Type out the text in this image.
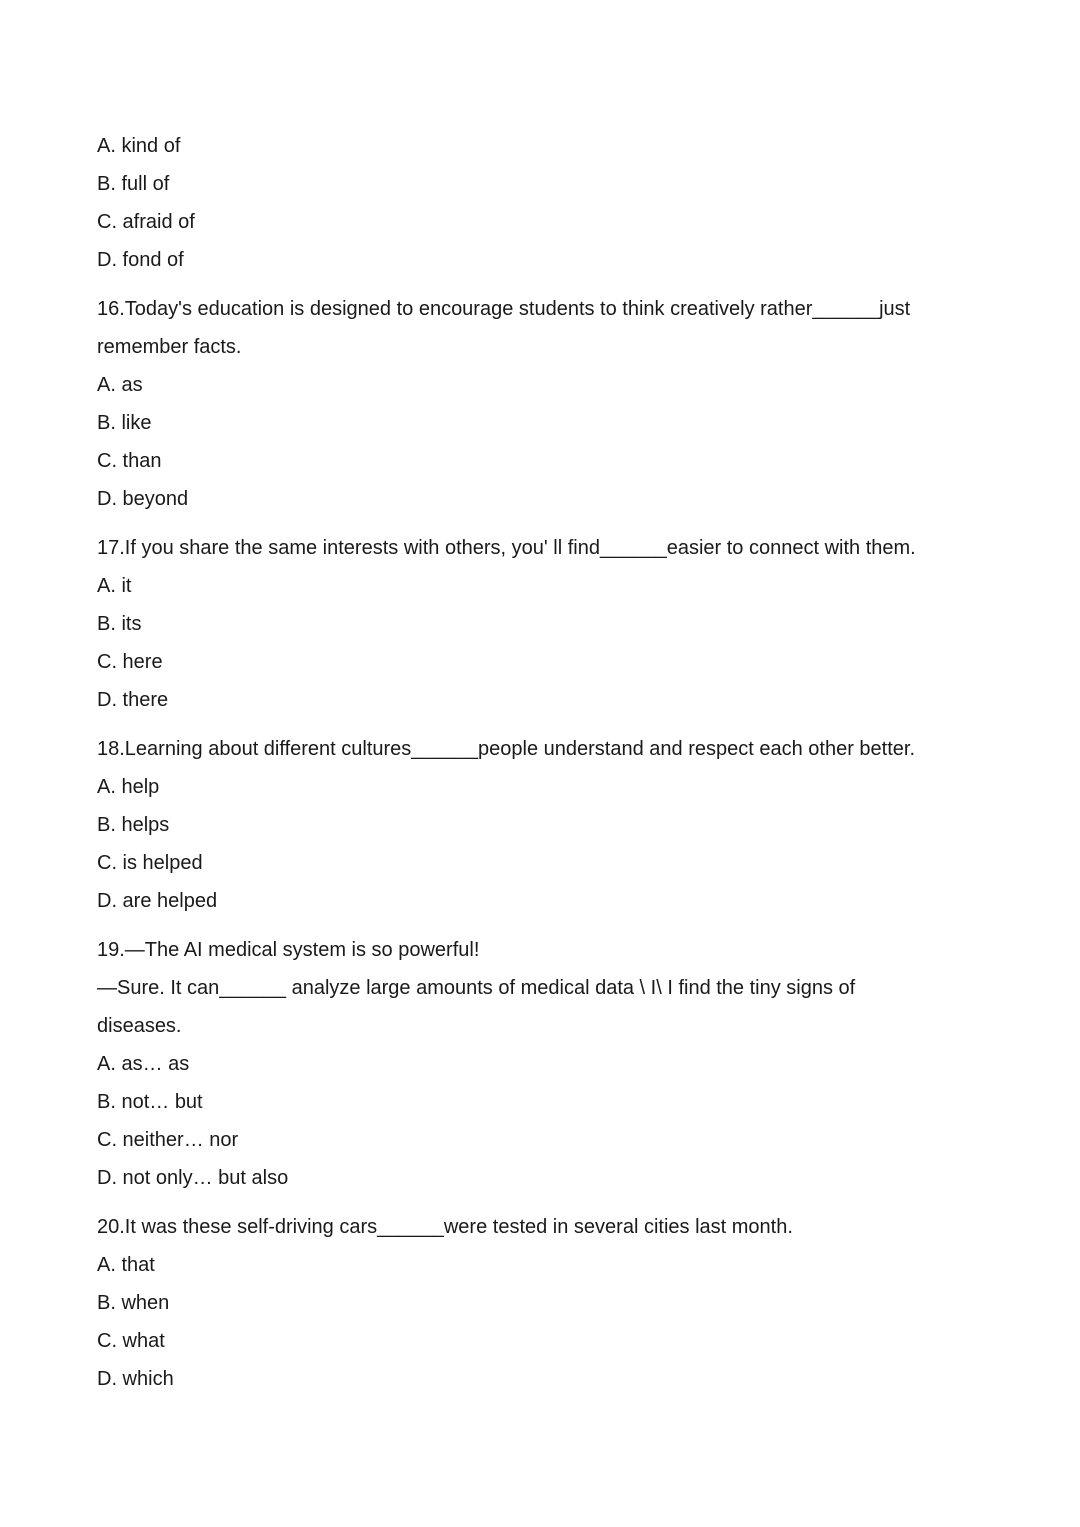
A. kind of
B. full of
C. afraid of
D. fond of
16.Today's education is designed to encourage students to think creatively rather______just
remember facts.
A. as
B. like
C. than
D. beyond
17.If you share the same interests with others, you' ll find______easier to connect with them.
A. it
B. its
C. here
D. there
18.Learning about different cultures______people understand and respect each other better.
A. help
B. helps
C. is helped
D. are helped
19.—The AI medical system is so powerful!
—Sure. It can______ analyze large amounts of medical data \ I\ I find the tiny signs of
diseases.
A. as… as
B. not… but
C. neither… nor
D. not only… but also
20.It was these self-driving cars______were tested in several cities last month.
A. that
B. when
C. what
D. which
